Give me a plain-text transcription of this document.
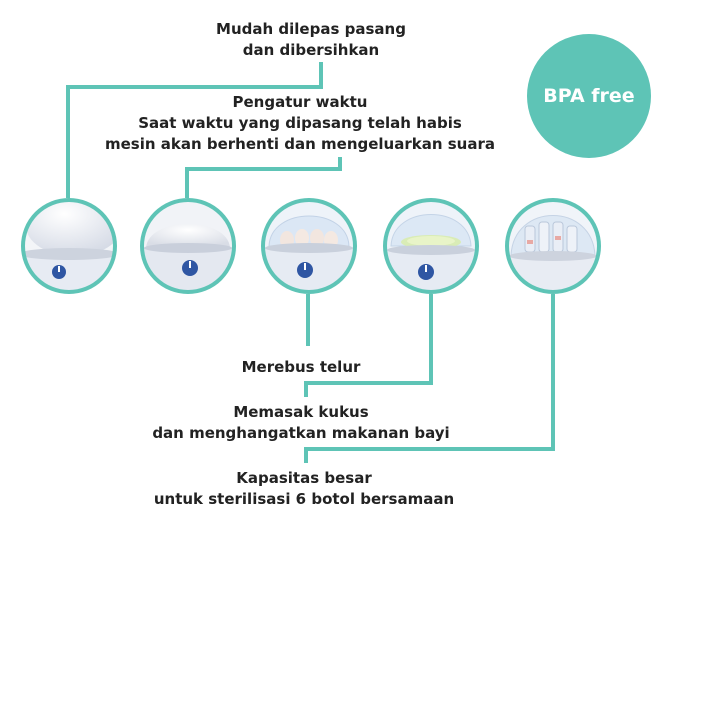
Mudah dilepas pasang
dan dibersihkan
Pengatur waktu
Saat waktu yang dipasang telah habis
mesin akan berhenti dan mengeluarkan suara
Merebus telur
Memasak kukus
dan menghangatkan makanan bayi
Kapasitas besar
untuk sterilisasi 6 botol bersamaan
BPA free
